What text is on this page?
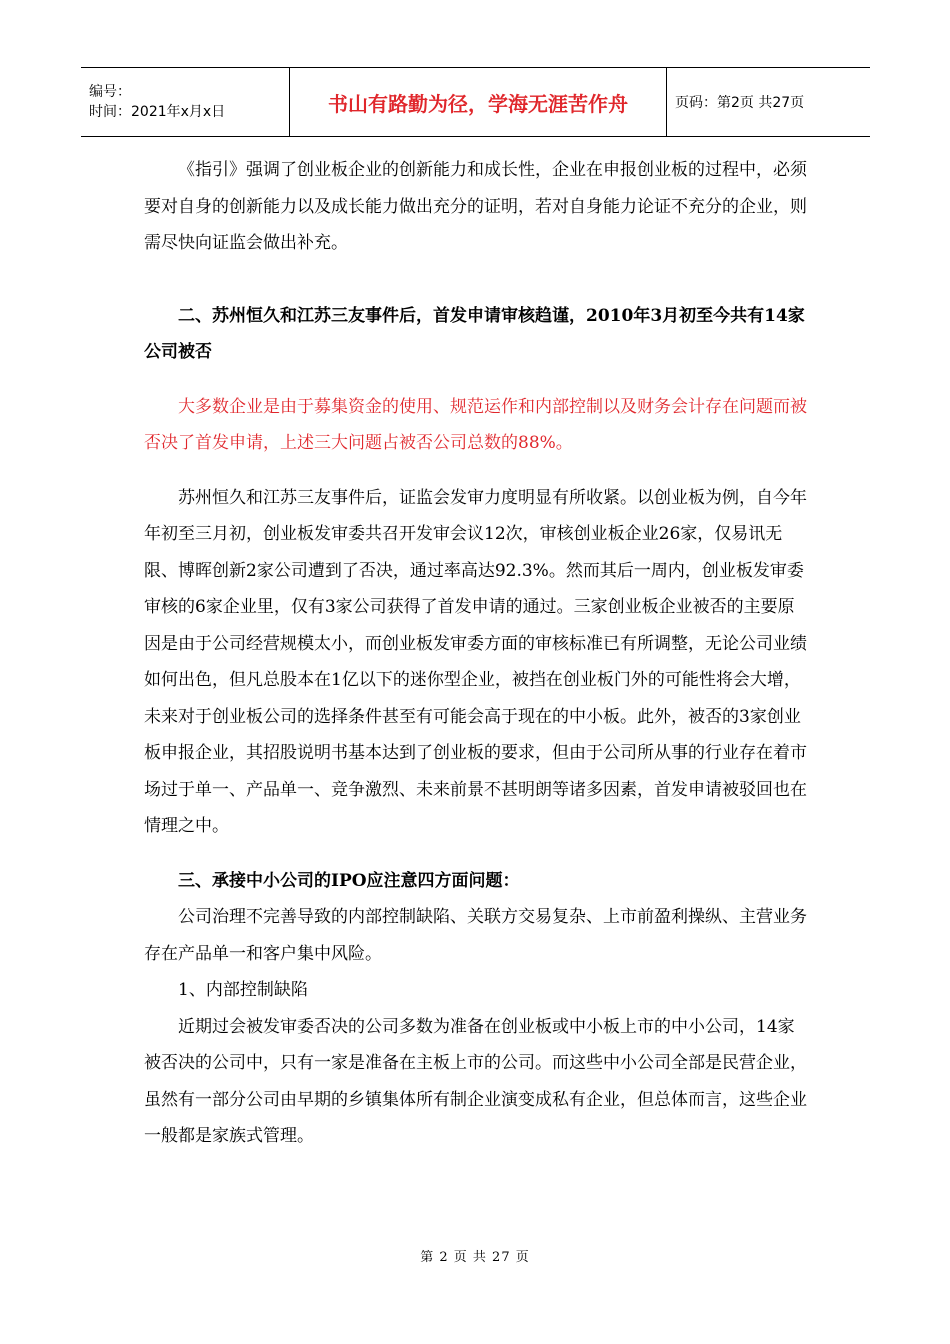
编号：
时间：2021年x月x日	书山有路勤为径，学海无涯苦作舟	页码：第2页 共27页

《指引》强调了创业板企业的创新能力和成长性，企业在申报创业板的过程中，必须要对自身的创新能力以及成长能力做出充分的证明，若对自身能力论证不充分的企业，则需尽快向证监会做出补充。

二、苏州恒久和江苏三友事件后，首发申请审核趋谨，2010年3月初至今共有14家公司被否

大多数企业是由于募集资金的使用、规范运作和内部控制以及财务会计存在问题而被否决了首发申请，上述三大问题占被否公司总数的88%。

苏州恒久和江苏三友事件后，证监会发审力度明显有所收紧。以创业板为例，自今年年初至三月初，创业板发审委共召开发审会议12次，审核创业板企业26家，仅易讯无限、博晖创新2家公司遭到了否决，通过率高达92.3%。然而其后一周内，创业板发审委审核的6家企业里，仅有3家公司获得了首发申请的通过。三家创业板企业被否的主要原因是由于公司经营规模太小，而创业板发审委方面的审核标准已有所调整，无论公司业绩如何出色，但凡总股本在1亿以下的迷你型企业，被挡在创业板门外的可能性将会大增，未来对于创业板公司的选择条件甚至有可能会高于现在的中小板。此外，被否的3家创业板申报企业，其招股说明书基本达到了创业板的要求，但由于公司所从事的行业存在着市场过于单一、产品单一、竞争激烈、未来前景不甚明朗等诸多因素，首发申请被驳回也在情理之中。

三、承接中小公司的IPO应注意四方面问题：

公司治理不完善导致的内部控制缺陷、关联方交易复杂、上市前盈利操纵、主营业务存在产品单一和客户集中风险。

1、内部控制缺陷

近期过会被发审委否决的公司多数为准备在创业板或中小板上市的中小公司，14家被否决的公司中，只有一家是准备在主板上市的公司。而这些中小公司全部是民营企业，虽然有一部分公司由早期的乡镇集体所有制企业演变成私有企业，但总体而言，这些企业一般都是家族式管理。

第 2 页 共 27 页
